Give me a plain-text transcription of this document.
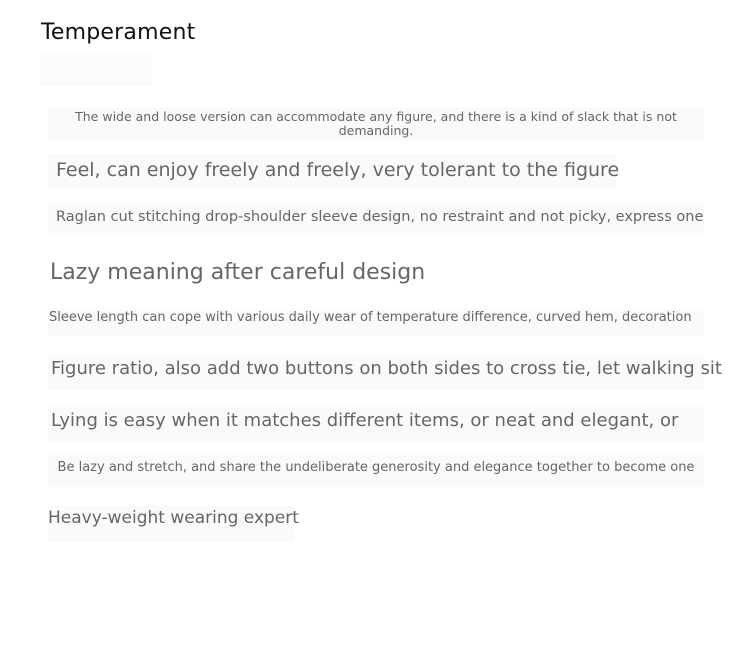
Temperament
The wide and loose version can accommodate any figure, and there is a kind of slack that is not demanding.
Feel, can enjoy freely and freely, very tolerant to the figure
Raglan cut stitching drop-shoulder sleeve design, no restraint and not picky, express one
Lazy meaning after careful design
Sleeve length can cope with various daily wear of temperature difference, curved hem, decoration
Figure ratio, also add two buttons on both sides to cross tie, let walking sit
Lying is easy when it matches different items, or neat and elegant, or
Be lazy and stretch, and share the undeliberate generosity and elegance together to become one
Heavy-weight wearing expert
